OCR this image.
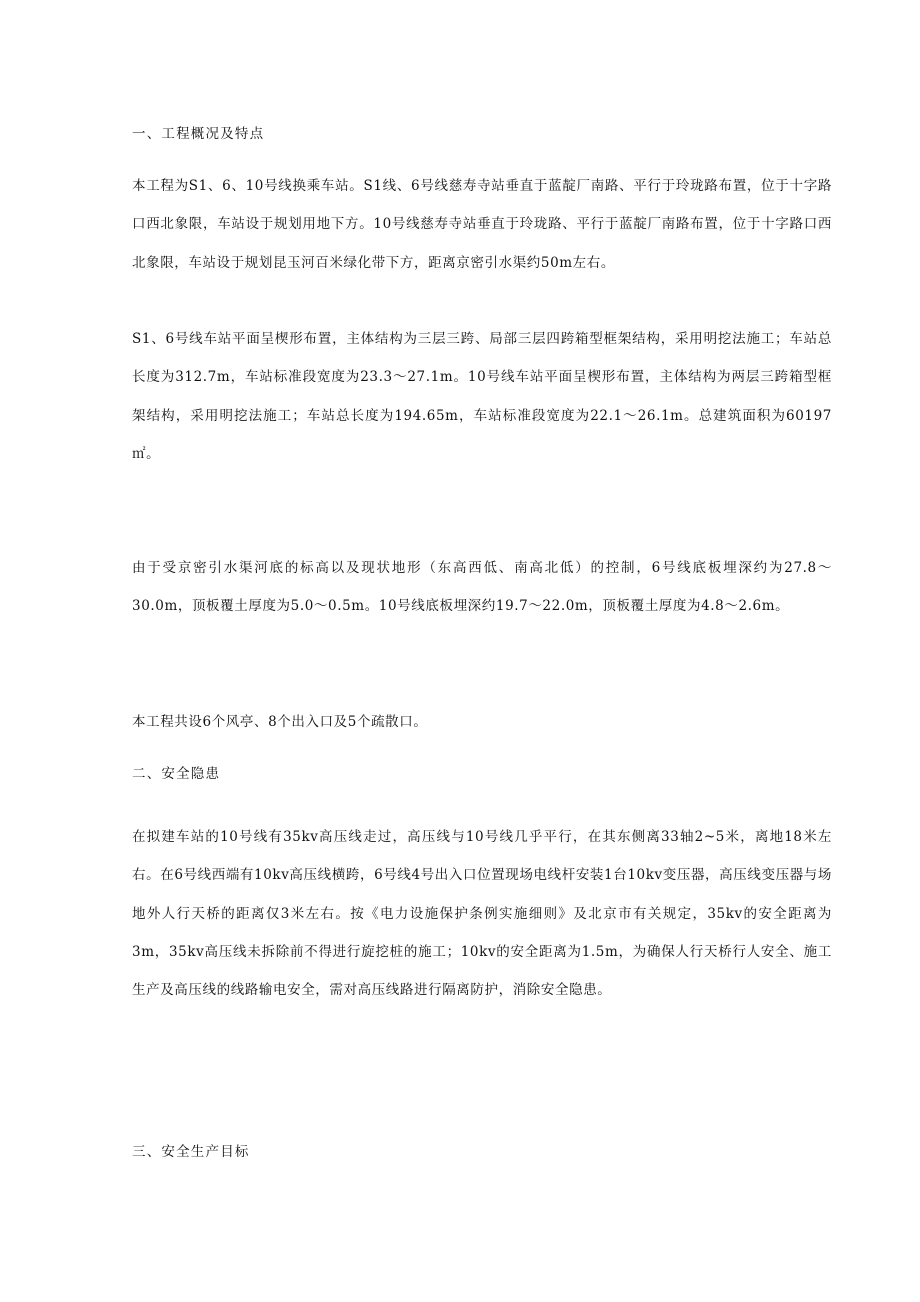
一、工程概况及特点
本工程为S1、6、10号线换乘车站。S1线、6号线慈寿寺站垂直于蓝靛厂南路、平行于玲珑路布置，位于十字路口西北象限，车站设于规划用地下方。10号线慈寿寺站垂直于玲珑路、平行于蓝靛厂南路布置，位于十字路口西北象限，车站设于规划昆玉河百米绿化带下方，距离京密引水渠约50m左右。
S1、6号线车站平面呈楔形布置，主体结构为三层三跨、局部三层四跨箱型框架结构，采用明挖法施工；车站总长度为312.7m，车站标准段宽度为23.3～27.1m。10号线车站平面呈楔形布置，主体结构为两层三跨箱型框架结构，采用明挖法施工；车站总长度为194.65m，车站标准段宽度为22.1～26.1m。总建筑面积为60197㎡。
由于受京密引水渠河底的标高以及现状地形（东高西低、南高北低）的控制，6号线底板埋深约为27.8～30.0m，顶板覆土厚度为5.0～0.5m。10号线底板埋深约19.7～22.0m，顶板覆土厚度为4.8～2.6m。
本工程共设6个风亭、8个出入口及5个疏散口。
二、安全隐患
在拟建车站的10号线有35kv高压线走过，高压线与10号线几乎平行，在其东侧离33轴2~5米，离地18米左右。在6号线西端有10kv高压线横跨，6号线4号出入口位置现场电线杆安装1台10kv变压器，高压线变压器与场地外人行天桥的距离仅3米左右。按《电力设施保护条例实施细则》及北京市有关规定，35kv的安全距离为3m，35kv高压线未拆除前不得进行旋挖桩的施工；10kv的安全距离为1.5m，为确保人行天桥行人安全、施工生产及高压线的线路输电安全，需对高压线路进行隔离防护，消除安全隐患。
三、安全生产目标
